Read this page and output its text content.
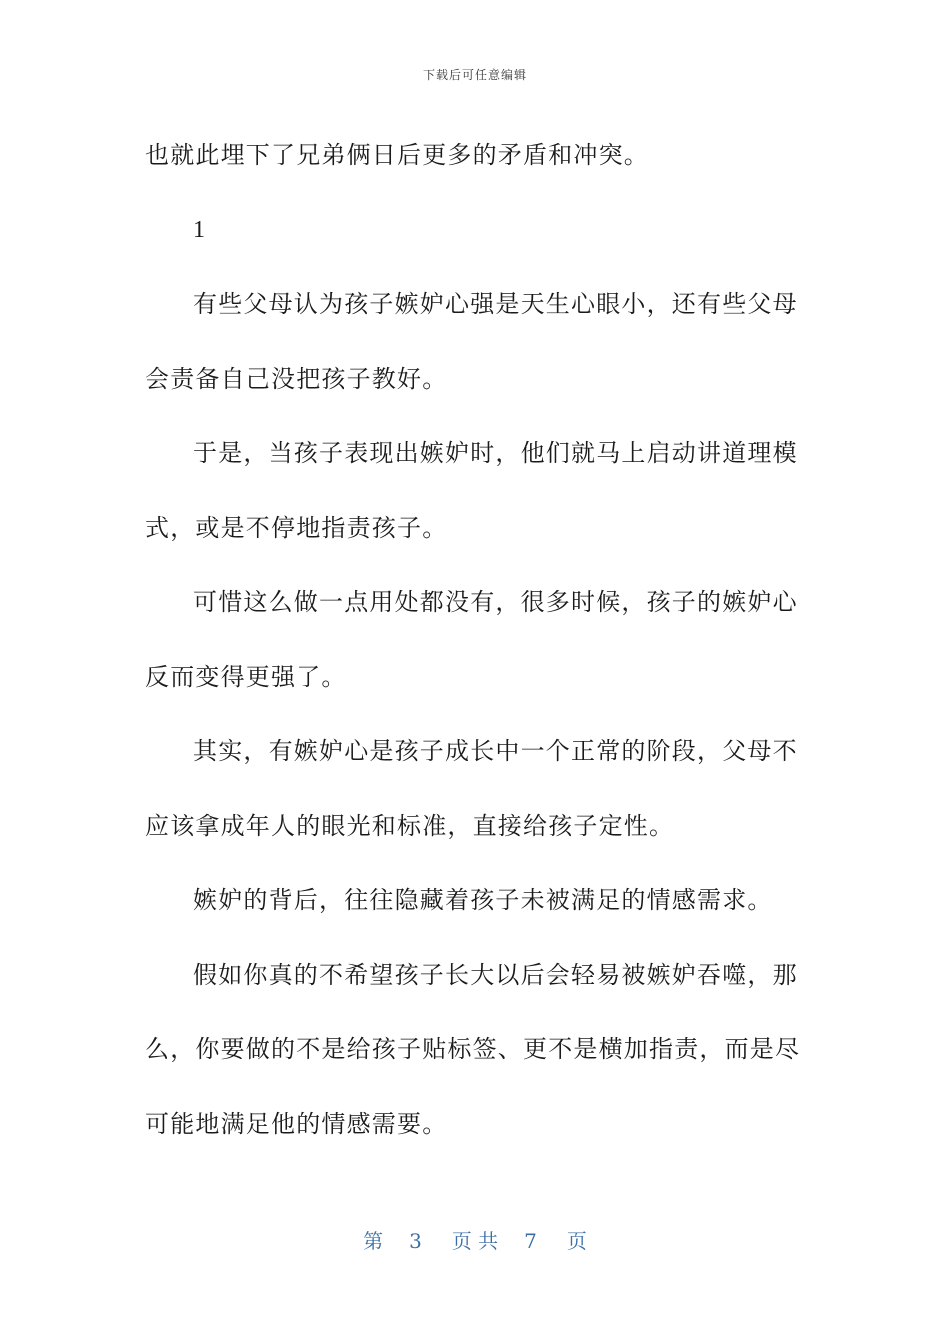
下载后可任意编辑

也就此埋下了兄弟俩日后更多的矛盾和冲突。

1

有些父母认为孩子嫉妒心强是天生心眼小，还有些父母会责备自己没把孩子教好。

于是，当孩子表现出嫉妒时，他们就马上启动讲道理模式，或是不停地指责孩子。

可惜这么做一点用处都没有，很多时候，孩子的嫉妒心反而变得更强了。

其实，有嫉妒心是孩子成长中一个正常的阶段，父母不应该拿成年人的眼光和标准，直接给孩子定性。

嫉妒的背后，往往隐藏着孩子未被满足的情感需求。

假如你真的不希望孩子长大以后会轻易被嫉妒吞噬，那么，你要做的不是给孩子贴标签、更不是横加指责，而是尽可能地满足他的情感需要。

第 3 页 共 7 页
